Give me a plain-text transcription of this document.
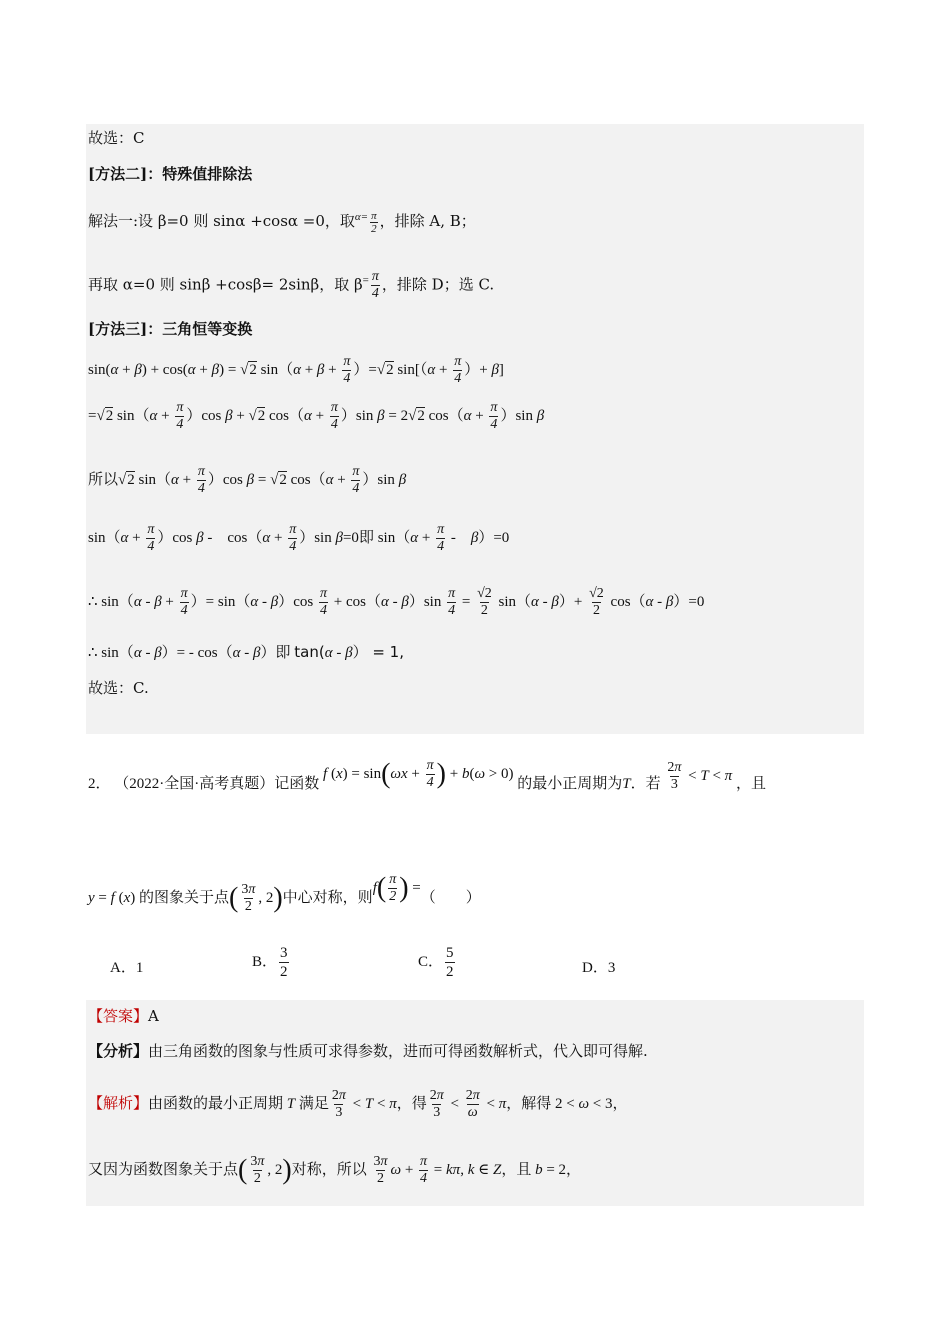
故选：C
[方法二]：特殊值排除法
解法一:设 β=0 则 sinα +cosα =0，取$^{\alpha=} \frac{\pi}{2}$ ，排除 A, B；
再取 α=0 则 sinβ +cosβ= 2sinβ，取 $\beta^= \frac{\pi}{4}$ ，排除 D；选 C.
[方法三]：三角恒等变换
sin(α + β) + cos(α + β) = √2 $\sin(\alpha + \beta + \frac{\pi}{4} )=√2$ $\sin[(\alpha + \frac{\pi}{4}$ ）+ β]
=√2 $\sin(\alpha + \frac{\pi}{4} )\cos$ β + √2 $\cos(\alpha + \frac{\pi}{4} )\sin$ β = 2√2 $\cos(\alpha + \frac{\pi}{4} )\sin$ β
所以√2 $\sin(\alpha + \frac{\pi}{4} )\cos$ β = √2 $\cos(\alpha + \frac{\pi}{4} )\sin$ β
$\sin(\alpha + \frac{\pi}{4} )\cos$ β -　$\cos(\alpha + \frac{\pi}{4} )\sin$ β=0即 $\sin(\alpha + \frac{\pi}{4}$ -　β）=0
∴ $\sin(\alpha - \beta + \frac{\pi}{4}$ ）= $\sin(\alpha - \beta)\cos \frac{\pi}{4} + \cos(\alpha - \beta)\sin \frac{\pi}{4} = \frac{√2}{2} \sin(\alpha - \beta)+ \frac{√2}{2} \cos(\alpha - \beta)=0$
∴ sin（α - β）= - cos（α - β）即 tan(α - β） = 1,
故选：C.
2． （2022·全国·高考真题）记函数 f $(x) = \sin(\omega x + \frac{\pi}{4}$ ) + b(ω > 0) 的最小正周期为T．若 $\frac{2\pi}{3} < T < \pi$ ，且
y = f (x) 的图象关于点( $\frac{3\pi}{2}$ , 2)中心对称，则$f( \frac{\pi}{2}$ ) =（　　）
A．1	B． $\frac{3}{2}$	C． $\frac{5}{2}$	D．3
【答案】A
【分析】由三角函数的图象与性质可求得参数，进而可得函数解析式，代入即可得解.
【解析】由函数的最小正周期 T 满足 $\frac{2\pi}{3} < T < \pi$，得 $\frac{2\pi}{3} < \frac{2\pi}{\omega} < \pi$，解得 2 < ω < 3，
又因为函数图象关于点( $\frac{3\pi}{2}$ , 2)对称，所以 $\frac{3\pi}{2}$ $\omega + \frac{\pi}{4} = k\pi$, k ∈ Z，且 b = 2，
